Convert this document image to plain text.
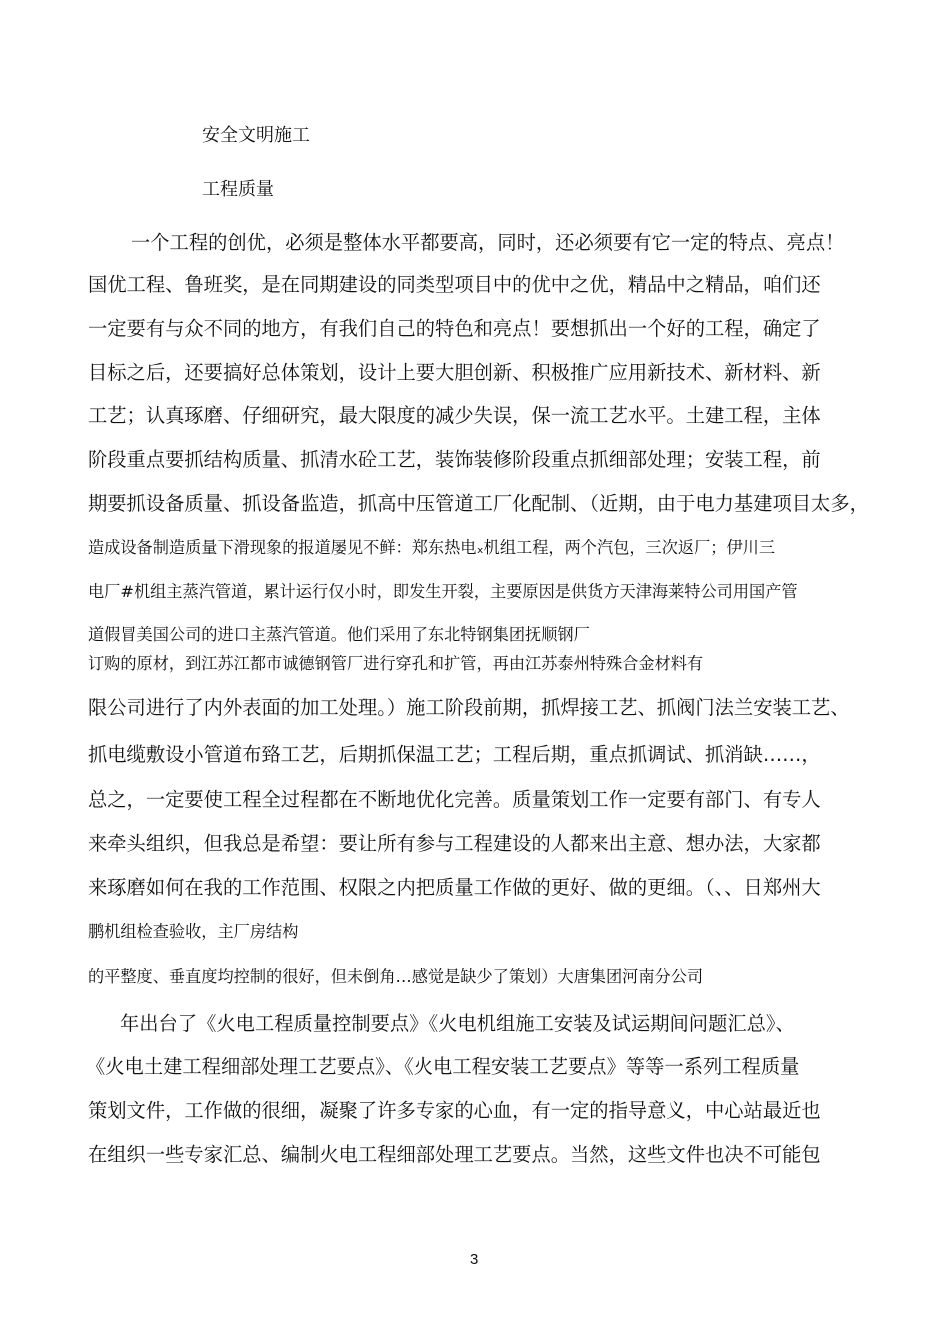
安全文明施工

工程质量

一个工程的创优，必须是整体水平都要高，同时，还必须要有它一定的特点、亮点！

国优工程、鲁班奖，是在同期建设的同类型项目中的优中之优，精品中之精品，咱们还

一定要有与众不同的地方，有我们自己的特色和亮点！要想抓出一个好的工程，确定了

目标之后，还要搞好总体策划，设计上要大胆创新、积极推广应用新技术、新材料、新

工艺；认真琢磨、仔细研究，最大限度的减少失误，保一流工艺水平。土建工程，主体

阶段重点要抓结构质量、抓清水砼工艺，装饰装修阶段重点抓细部处理；安装工程，前

期要抓设备质量、抓设备监造，抓高中压管道工厂化配制、（近期，由于电力基建项目太多，

造成设备制造质量下滑现象的报道屡见不鲜：郑东热电ₓ机组工程，两个汽包，三次返厂；伊川三

电厂#机组主蒸汽管道，累计运行仅小时，即发生开裂，主要原因是供货方天津海莱特公司用国产管

道假冒美国公司的进口主蒸汽管道。他们采用了东北特钢集团抚顺钢厂

订购的原材，到江苏江都市诚德钢管厂进行穿孔和扩管，再由江苏泰州特殊合金材料有

限公司进行了内外表面的加工处理。）施工阶段前期，抓焊接工艺、抓阀门法兰安装工艺、

抓电缆敷设小管道布臵工艺，后期抓保温工艺；工程后期，重点抓调试、抓消缺……，

总之，一定要使工程全过程都在不断地优化完善。质量策划工作一定要有部门、有专人

来牵头组织，但我总是希望：要让所有参与工程建设的人都来出主意、想办法，大家都

来琢磨如何在我的工作范围、权限之内把质量工作做的更好、做的更细。（、、日郑州大

鹏机组检查验收，主厂房结构

的平整度、垂直度均控制的很好，但未倒角…感觉是缺少了策划）大唐集团河南分公司

年出台了《火电工程质量控制要点》《火电机组施工安装及试运期间问题汇总》、

《火电土建工程细部处理工艺要点》、《火电工程安装工艺要点》等等一系列工程质量

策划文件，工作做的很细，凝聚了许多专家的心血，有一定的指导意义，中心站最近也

在组织一些专家汇总、编制火电工程细部处理工艺要点。当然，这些文件也决不可能包

3
